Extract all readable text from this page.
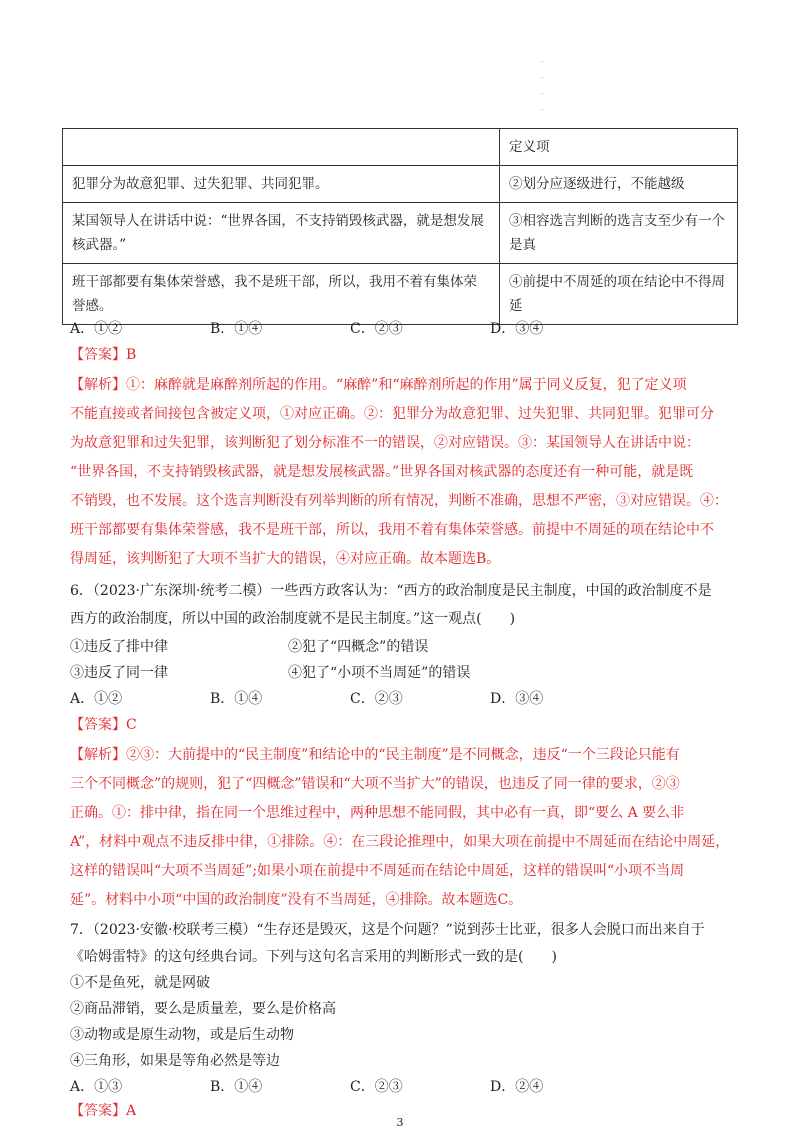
.
.
.
.
	定义项
犯罪分为故意犯罪、过失犯罪、共同犯罪。	②划分应逐级进行，不能越级
某国领导人在讲话中说：“世界各国，不支持销毁核武器，就是想发展核武器。”	③相容选言判断的选言支至少有一个是真
班干部都要有集体荣誉感，我不是班干部，所以，我用不着有集体荣誉感。	④前提中不周延的项在结论中不得周延
A．①②	B．①④	C．②③	D．③④
【答案】B
【解析】①：麻醉就是麻醉剂所起的作用。“麻醉”和“麻醉剂所起的作用”属于同义反复，犯了定义项
不能直接或者间接包含被定义项，①对应正确。②：犯罪分为故意犯罪、过失犯罪、共同犯罪。犯罪可分
为故意犯罪和过失犯罪，该判断犯了划分标准不一的错误，②对应错误。③：某国领导人在讲话中说：
“世界各国，不支持销毁核武器，就是想发展核武器。”世界各国对核武器的态度还有一种可能，就是既
不销毁，也不发展。这个选言判断没有列举判断的所有情况，判断不准确，思想不严密，③对应错误。④：
班干部都要有集体荣誉感，我不是班干部，所以，我用不着有集体荣誉感。前提中不周延的项在结论中不
得周延，该判断犯了大项不当扩大的错误，④对应正确。故本题选B。
6．（2023·广东深圳·统考二模）一些西方政客认为：“西方的政治制度是民主制度，中国的政治制度不是
西方的政治制度，所以中国的政治制度就不是民主制度。”这一观点(　　)
①违反了排中律	②犯了“四概念”的错误
③违反了同一律	④犯了“小项不当周延”的错误
A．①②	B．①④	C．②③	D．③④
【答案】C
【解析】②③：大前提中的“民主制度”和结论中的“民主制度”是不同概念，违反“一个三段论只能有
三个不同概念”的规则，犯了“四概念”错误和“大项不当扩大”的错误，也违反了同一律的要求，②③
正确。①：排中律，指在同一个思维过程中，两种思想不能同假，其中必有一真，即“要么 A 要么非
A”，材料中观点不违反排中律，①排除。④：在三段论推理中，如果大项在前提中不周延而在结论中周延，
这样的错误叫“大项不当周延”;如果小项在前提中不周延而在结论中周延，这样的错误叫“小项不当周
延”。材料中小项“中国的政治制度”没有不当周延，④排除。故本题选C。
7．（2023·安徽·校联考三模）“生存还是毁灭，这是个问题？”说到莎士比亚，很多人会脱口而出来自于
《哈姆雷特》的这句经典台词。下列与这句名言采用的判断形式一致的是(　　)
①不是鱼死，就是网破
②商品滞销，要么是质量差，要么是价格高
③动物或是原生动物，或是后生动物
④三角形，如果是等角必然是等边
A．①③	B．①④	C．②③	D．②④
【答案】A
3
